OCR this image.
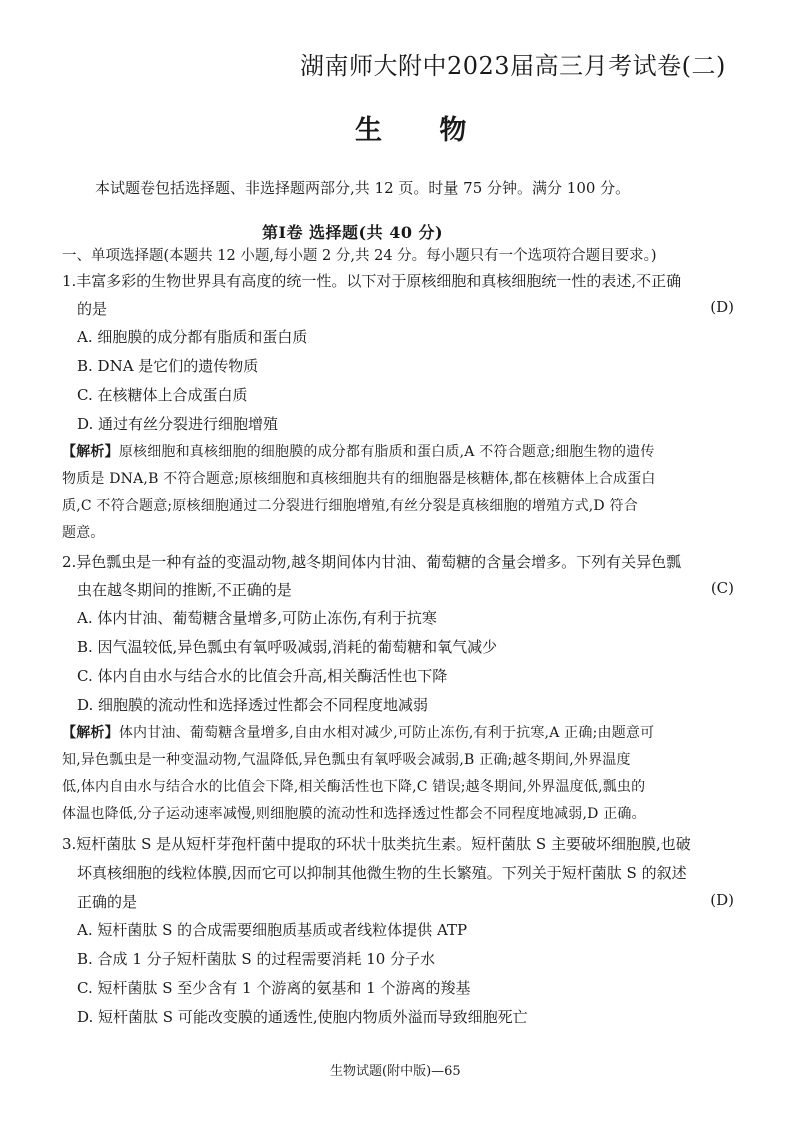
湖南师大附中2023届高三月考试卷(二)
生 物
本试题卷包括选择题、非选择题两部分,共 12 页。时量 75 分钟。满分 100 分。
第Ⅰ卷 选择题(共 40 分)
一、单项选择题(本题共 12 小题,每小题 2 分,共 24 分。每小题只有一个选项符合题目要求。)
1.丰富多彩的生物世界具有高度的统一性。以下对于原核细胞和真核细胞统一性的表述,不正确
的是	(D)
A. 细胞膜的成分都有脂质和蛋白质
B. DNA 是它们的遗传物质
C. 在核糖体上合成蛋白质
D. 通过有丝分裂进行细胞增殖
【解析】原核细胞和真核细胞的细胞膜的成分都有脂质和蛋白质,A 不符合题意;细胞生物的遗传
物质是 DNA,B 不符合题意;原核细胞和真核细胞共有的细胞器是核糖体,都在核糖体上合成蛋白
质,C 不符合题意;原核细胞通过二分裂进行细胞增殖,有丝分裂是真核细胞的增殖方式,D 符合
题意。
2.异色瓢虫是一种有益的变温动物,越冬期间体内甘油、葡萄糖的含量会增多。下列有关异色瓢
虫在越冬期间的推断,不正确的是	(C)
A. 体内甘油、葡萄糖含量增多,可防止冻伤,有利于抗寒
B. 因气温较低,异色瓢虫有氧呼吸减弱,消耗的葡萄糖和氧气减少
C. 体内自由水与结合水的比值会升高,相关酶活性也下降
D. 细胞膜的流动性和选择透过性都会不同程度地减弱
【解析】体内甘油、葡萄糖含量增多,自由水相对减少,可防止冻伤,有利于抗寒,A 正确;由题意可
知,异色瓢虫是一种变温动物,气温降低,异色瓢虫有氧呼吸会减弱,B 正确;越冬期间,外界温度
低,体内自由水与结合水的比值会下降,相关酶活性也下降,C 错误;越冬期间,外界温度低,瓢虫的
体温也降低,分子运动速率减慢,则细胞膜的流动性和选择透过性都会不同程度地减弱,D 正确。
3.短杆菌肽 S 是从短杆芽孢杆菌中提取的环状十肽类抗生素。短杆菌肽 S 主要破坏细胞膜,也破
坏真核细胞的线粒体膜,因而它可以抑制其他微生物的生长繁殖。下列关于短杆菌肽 S 的叙述
正确的是	(D)
A. 短杆菌肽 S 的合成需要细胞质基质或者线粒体提供 ATP
B. 合成 1 分子短杆菌肽 S 的过程需要消耗 10 分子水
C. 短杆菌肽 S 至少含有 1 个游离的氨基和 1 个游离的羧基
D. 短杆菌肽 S 可能改变膜的通透性,使胞内物质外溢而导致细胞死亡
生物试题(附中版)—65
